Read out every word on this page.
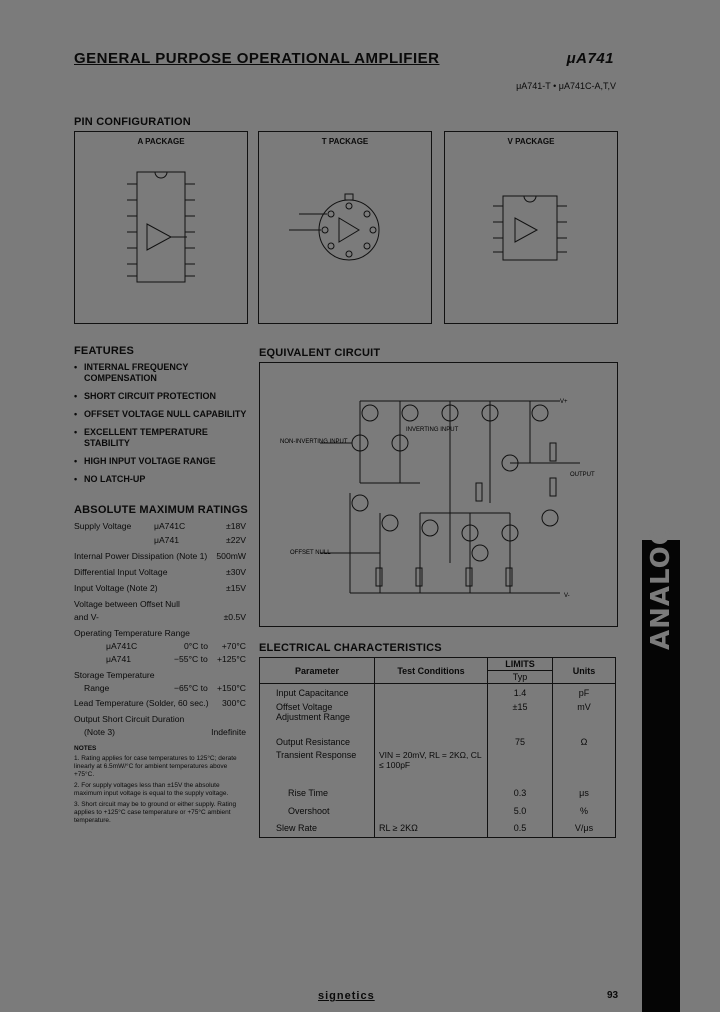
GENERAL PURPOSE OPERATIONAL AMPLIFIER	μA741
μA741-T • μA741C-A,T,V
PIN CONFIGURATION
A PACKAGE	T PACKAGE	V PACKAGE
FEATURES
• INTERNAL FREQUENCY COMPENSATION
• SHORT CIRCUIT PROTECTION
• OFFSET VOLTAGE NULL CAPABILITY
• EXCELLENT TEMPERATURE STABILITY
• HIGH INPUT VOLTAGE RANGE
• NO LATCH-UP
ABSOLUTE MAXIMUM RATINGS
Supply Voltage	μA741C	±18V
μA741	±22V
Internal Power Dissipation (Note 1) 500mW
Differential Input Voltage	±30V
Input Voltage (Note 2)	±15V
Voltage between Offset Null
and V-	±0.5V
Operating Temperature Range
μA741C	0°C to +70°C
μA741	−55°C to +125°C
Storage Temperature
Range	−65°C to +150°C
Lead Temperature (Solder, 60 sec.) 300°C
Output Short Circuit Duration
(Note 3)	Indefinite
NOTES
1. Rating applies for case temperatures to 125°C; derate linearly at 6.5mW/°C for ambient temperatures above +75°C.
2. For supply voltages less than ±15V the absolute maximum input voltage is equal to the supply voltage.
3. Short circuit may be to ground or either supply. Rating applies to +125°C case temperature or +75°C ambient temperature.
EQUIVALENT CIRCUIT
NON-INVERTING INPUT
INVERTING INPUT
OFFSET NULL
OUTPUT
V+
V-
ELECTRICAL CHARACTERISTICS
Parameter	Test Conditions	LIMITS	Units
		Typ	
Input Capacitance		1.4	pF
Offset Voltage Adjustment Range		±15	mV
Output Resistance		75	Ω
Transient Response	VIN = 20mV, RL = 2KΩ, CL ≤ 100pF		
Rise Time		0.3	μs
Overshoot		5.0	%
Slew Rate	RL ≥ 2KΩ	0.5	V/μs
ANALOG
signetics	93
